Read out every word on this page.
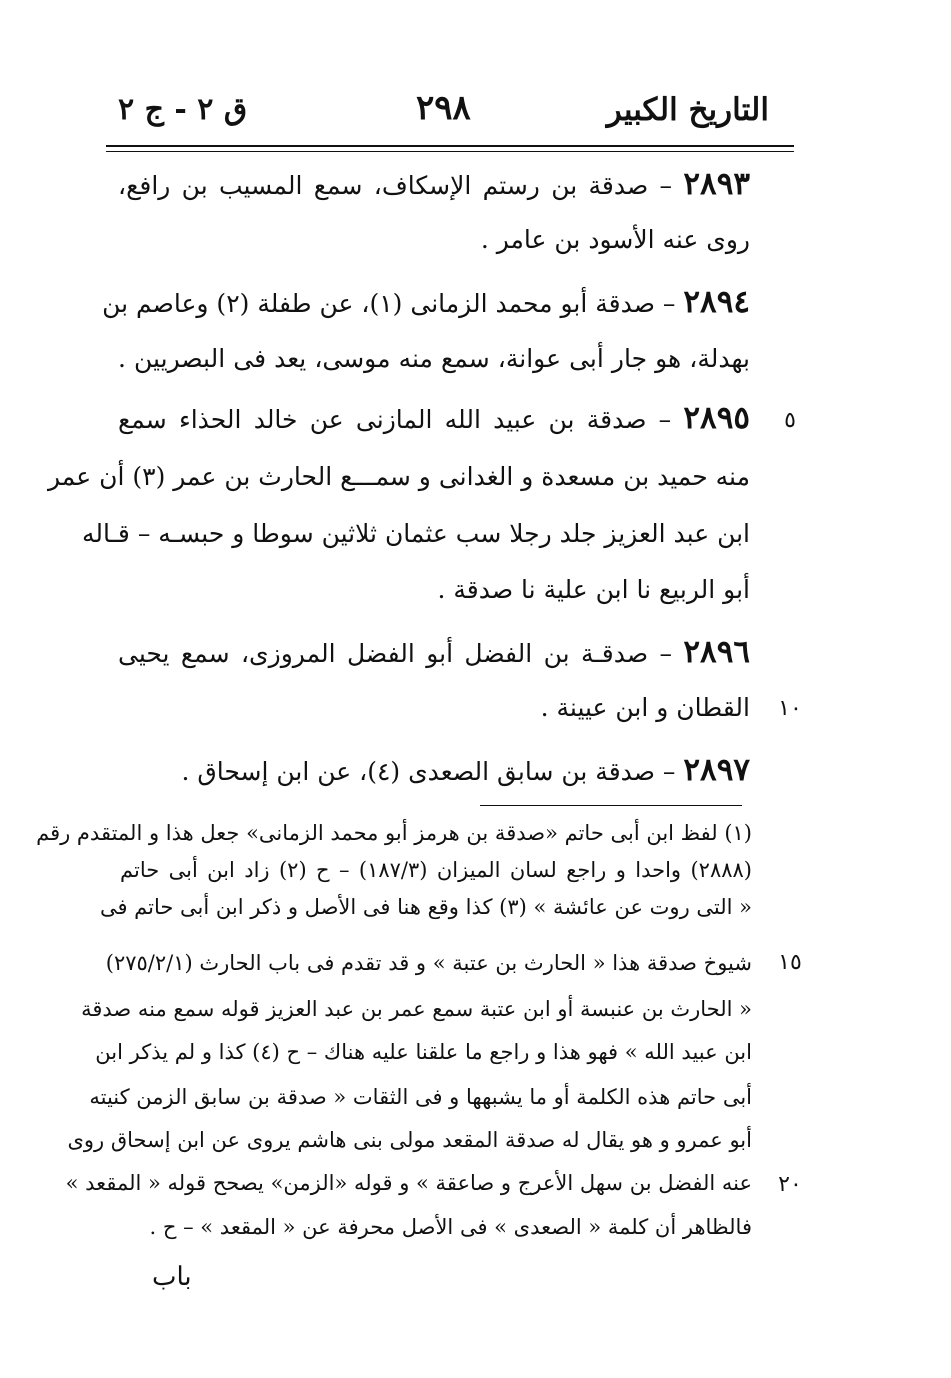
التاريخ الكبير
٢٩٨
ق ٢ - ج ٢
٢٨٩٣ – صدقة بن رستم الإسكاف، سمع المسيب بن رافع،
روى عنه الأسود بن عامر .
٢٨٩٤ – صدقة أبو محمد الزمانى (١)، عن طفلة (٢) وعاصم بن
بهدلة، هو جار أبى عوانة، سمع منه موسى، يعد فى البصريين .
٢٨٩٥ – صدقة بن عبيد الله المازنى عن خالد الحذاء سمع	٥
منه حميد بن مسعدة و الغدانى و سمـــع الحارث بن عمر (٣) أن عمر
ابن عبد العزيز جلد رجلا سب عثمان ثلاثين سوطا و حبسـه – قـاله
أبو الربيع نا ابن علية نا صدقة .
٢٨٩٦ – صدقـة بن الفضل أبو الفضل المروزى، سمع يحيى
١٠
القطان و ابن عيينة .
٢٨٩٧ – صدقة بن سابق الصعدى (٤)، عن ابن إسحاق .
(١) لفظ ابن أبى حاتم «صدقة بن هرمز أبو محمد الزمانى» جعل هذا و المتقدم رقم
(٢٨٨٨) واحدا و راجع لسان الميزان (١٨٧/٣) – ح (٢) زاد ابن أبى حاتم
« التى روت عن عائشة » (٣) كذا وقع هنا فى الأصل و ذكر ابن أبى حاتم فى
شيوخ صدقة هذا « الحارث بن عتبة » و قد تقدم فى باب الحارث (٢٧٥/٢/١)	١٥
« الحارث بن عنبسة أو ابن عتبة سمع عمر بن عبد العزيز قوله سمع منه صدقة
ابن عبيد الله » فهو هذا و راجع ما علقنا عليه هناك – ح (٤) كذا و لم يذكر ابن
أبى حاتم هذه الكلمة أو ما يشبهها و فى الثقات « صدقة بن سابق الزمن كنيته
أبو عمرو و هو يقال له صدقة المقعد مولى بنى هاشم يروى عن ابن إسحاق روى
عنه الفضل بن سهل الأعرج و صاعقة » و قوله «الزمن» يصحح قوله « المقعد »	٢٠
فالظاهر أن كلمة « الصعدى » فى الأصل محرفة عن « المقعد » – ح .
باب
